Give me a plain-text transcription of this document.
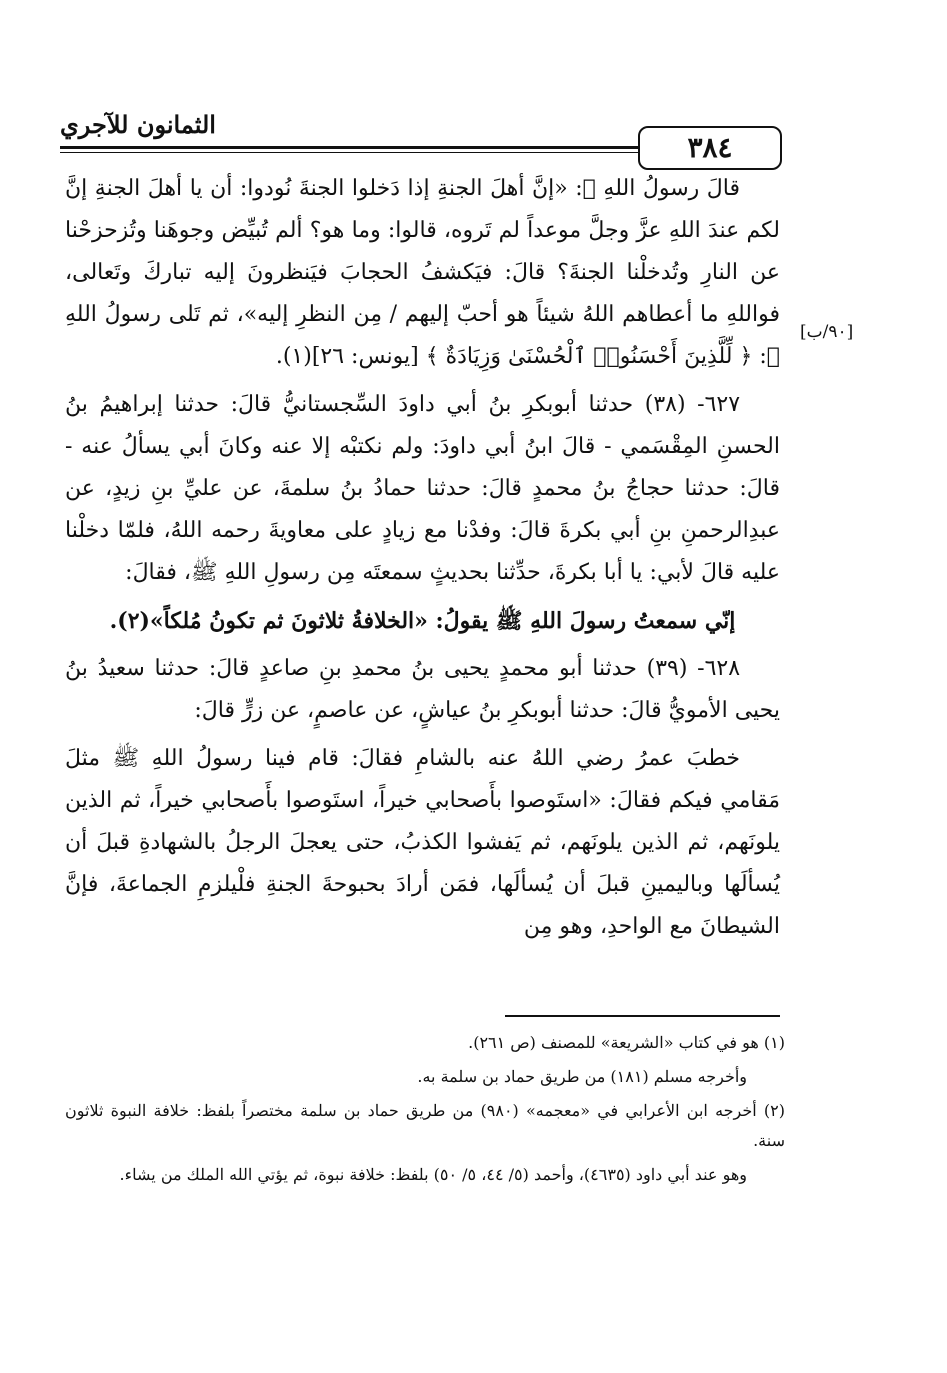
الثمانون للآجري
٣٨٤
[٩٠/ب]

قالَ رسولُ اللهِ ﷺ: «إنَّ أهلَ الجنةِ إذا دَخلوا الجنةَ نُودوا: أن يا أهلَ الجنةِ إنَّ لكم عندَ اللهِ عزَّ وجلَّ موعداً لم تَروه، قالوا: وما هو؟ ألم تُبيِّض وجوهَنا وتُزحزحْنا عن النارِ وتُدخلْنا الجنةَ؟ قالَ: فيَكشفُ الحجابَ فيَنظرونَ إليه تباركَ وتَعالى، فواللهِ ما أعطاهم اللهُ شيئاً هو أحبّ إليهم / مِن النظرِ إليه»، ثم تَلى رسولُ اللهِ ﷺ: ﴿ لِّلَّذِينَ أَحْسَنُوا۟ ٱلْحُسْنَىٰ وَزِيَادَةٌ ﴾ [يونس: ٢٦](١).

٦٢٧- (٣٨) حدثنا أبوبكرِ بنُ أبي داودَ السِّجستانيُّ قالَ: حدثنا إبراهيمُ بنُ الحسنِ المِقْسَمي - قالَ ابنُ أبي داودَ: ولم نكتبْه إلا عنه وكانَ أبي يسألُ عنه - قالَ: حدثنا حجاجُ بنُ محمدٍ قالَ: حدثنا حمادُ بنُ سلمةَ، عن عليِّ بنِ زيدٍ، عن عبدِالرحمنِ بنِ أبي بكرةَ قالَ: وفدْنا مع زيادٍ على معاويةَ رحمه اللهُ، فلمّا دخلْنا عليه قالَ لأبي: يا أبا بكرةَ، حدِّثنا بحديثٍ سمعتَه مِن رسولِ اللهِ ﷺ، فقالَ:

إنّي سمعتُ رسولَ اللهِ ﷺ يقولُ: «الخلافةُ ثلاثونَ ثم تكونُ مُلكاً»(٢).

٦٢٨- (٣٩) حدثنا أبو محمدٍ يحيى بنُ محمدِ بنِ صاعدٍ قالَ: حدثنا سعيدُ بنُ يحيى الأمويُّ قالَ: حدثنا أبوبكرِ بنُ عياشٍ، عن عاصمٍ، عن زرٍّ قالَ:

خطبَ عمرُ رضي اللهُ عنه بالشامِ فقالَ: قام فينا رسولُ اللهِ ﷺ مثلَ مَقامي فيكم فقالَ: «استَوصوا بأَصحابي خيراً، استَوصوا بأَصحابي خيراً، ثم الذين يلونَهم، ثم الذين يلونَهم، ثم يَفشوا الكذبُ، حتى يعجلَ الرجلُ بالشهادةِ قبلَ أن يُسألَها وباليمينِ قبلَ أن يُسألَها، فمَن أرادَ بحبوحةَ الجنةِ فلْيلزمِ الجماعةَ، فإنَّ الشيطانَ مع الواحدِ، وهو مِن

(١) هو في كتاب «الشريعة» للمصنف (ص ٢٦١).

وأخرجه مسلم (١٨١) من طريق حماد بن سلمة به.

(٢) أخرجه ابن الأعرابي في «معجمه» (٩٨٠) من طريق حماد بن سلمة مختصراً بلفظ: خلافة النبوة ثلاثون سنة.

وهو عند أبي داود (٤٦٣٥)، وأحمد (٥/ ٤٤، ٥/ ٥٠) بلفظ: خلافة نبوة، ثم يؤتي الله الملك من يشاء.
